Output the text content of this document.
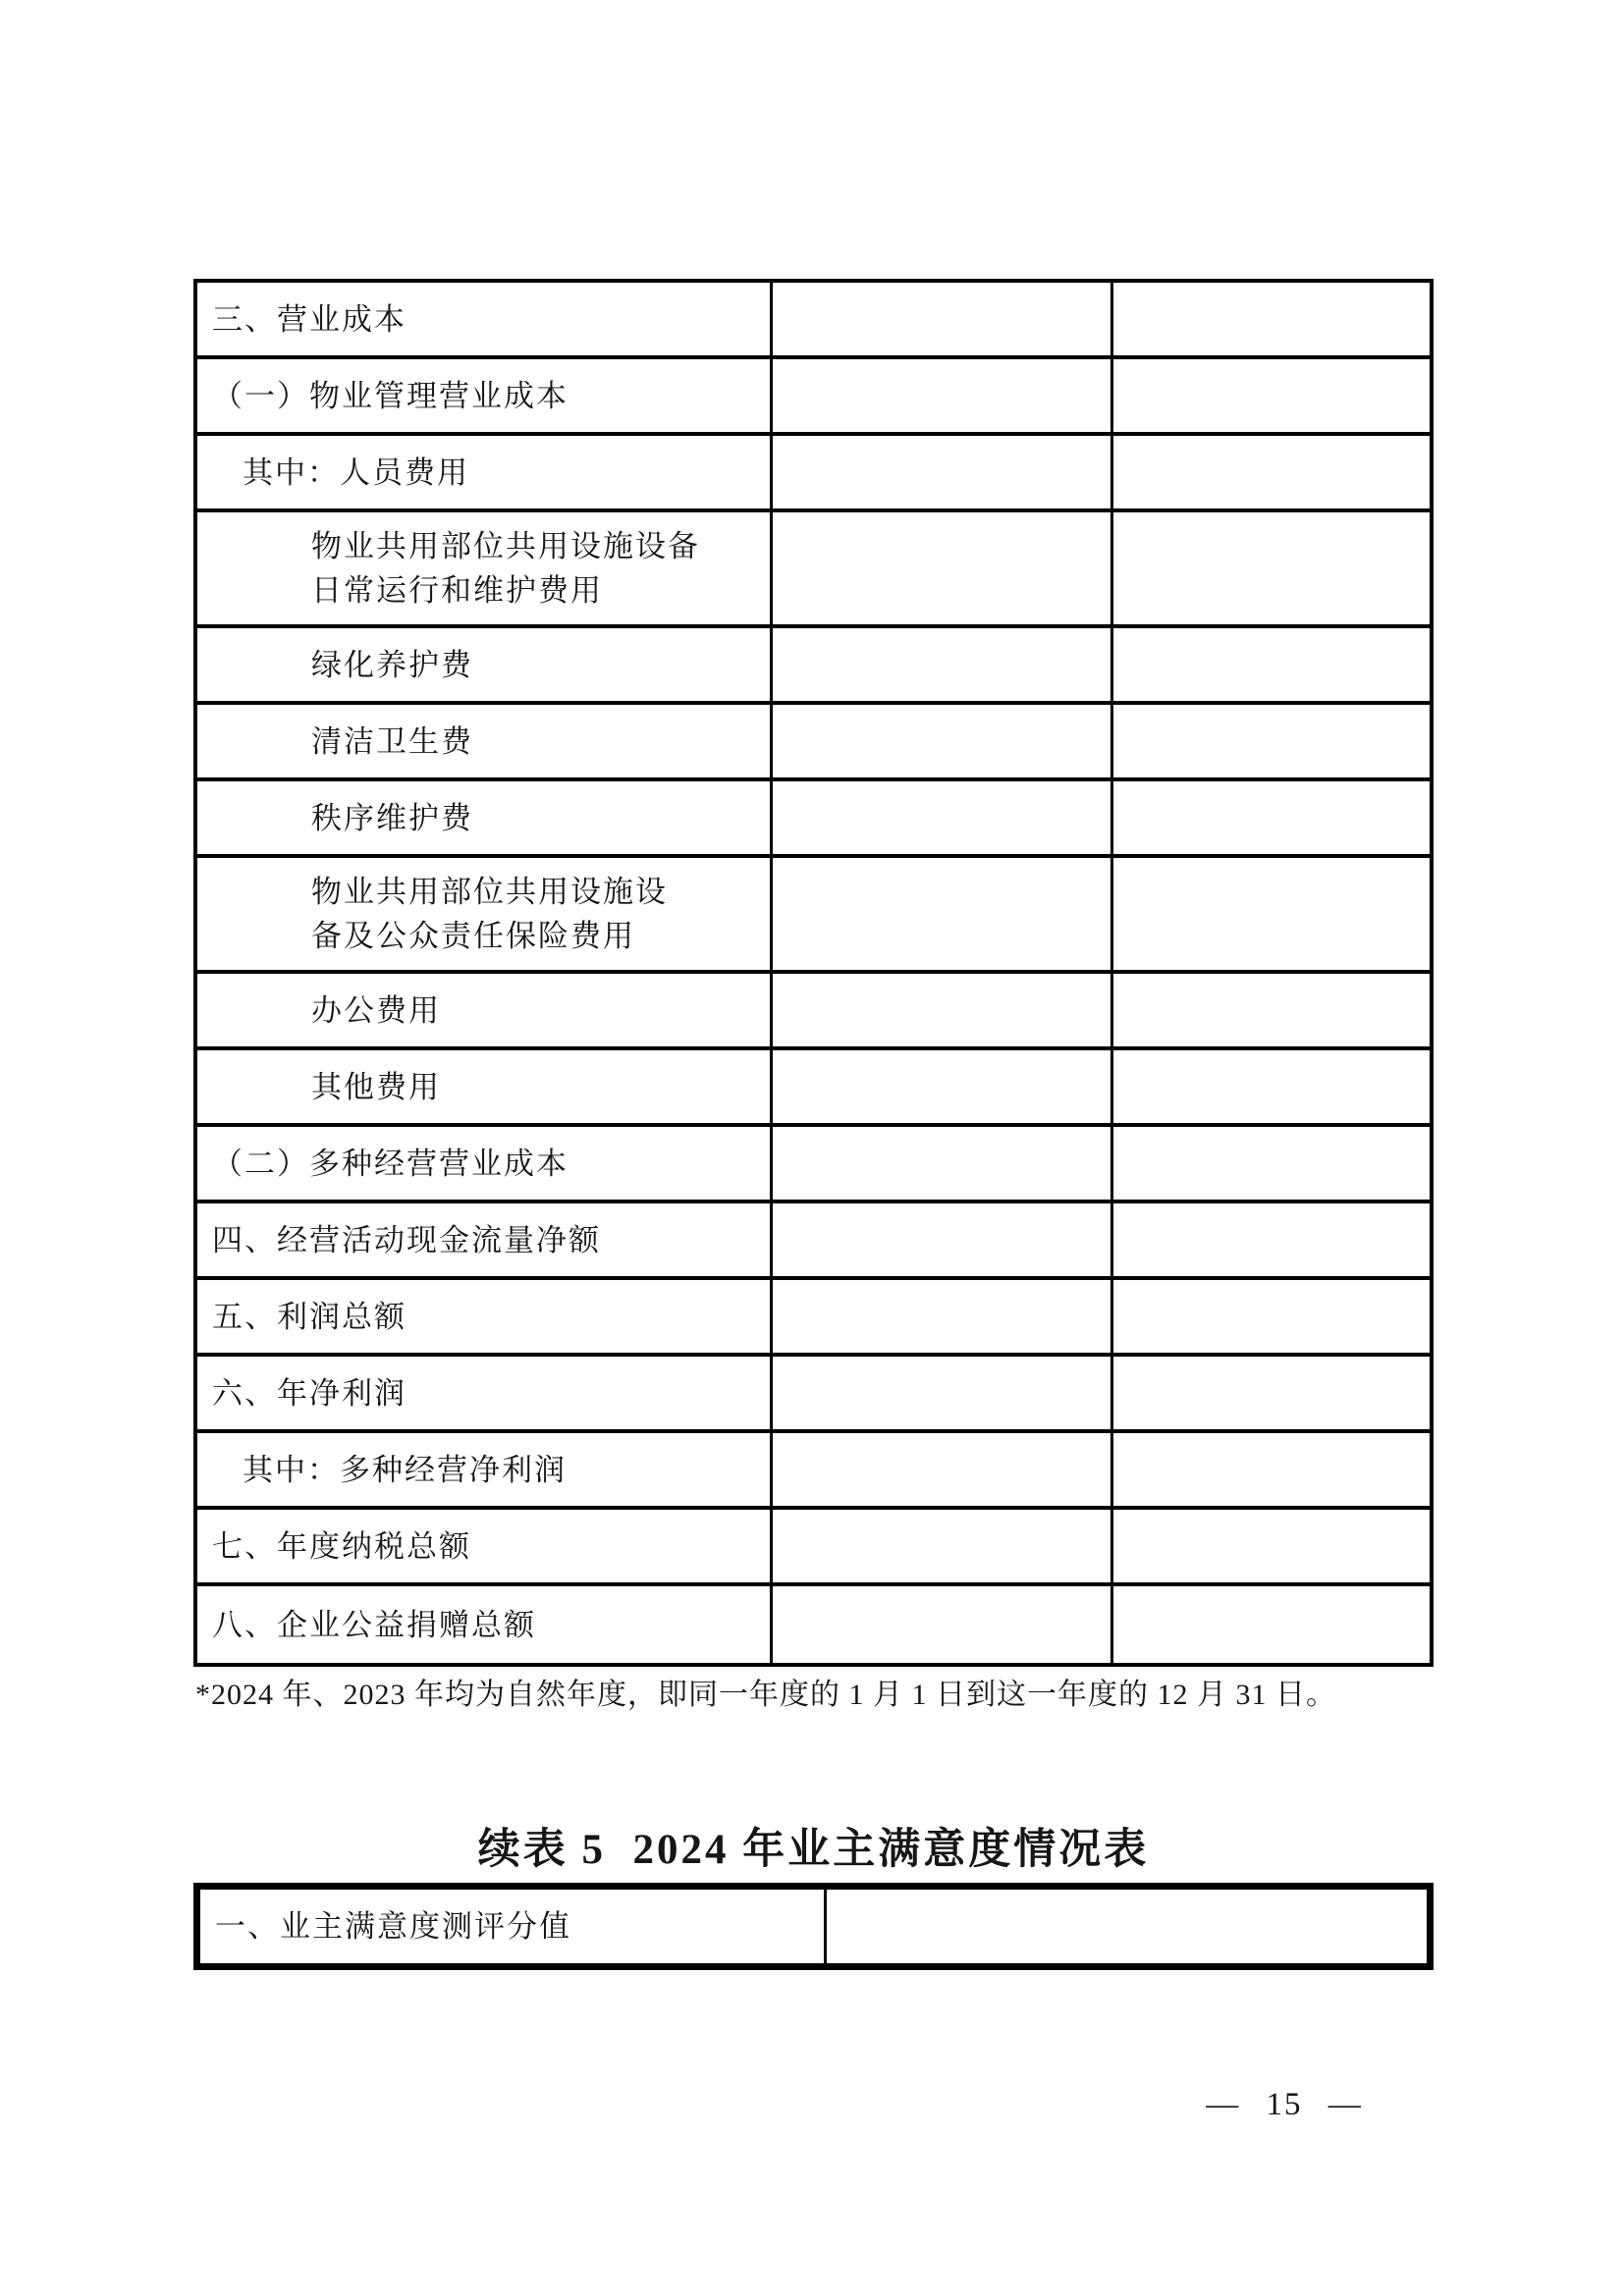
三、营业成本
（一）物业管理营业成本
其中：人员费用
物业共用部位共用设施设备
日常运行和维护费用
绿化养护费
清洁卫生费
秩序维护费
物业共用部位共用设施设
备及公众责任保险费用
办公费用
其他费用
（二）多种经营营业成本
四、经营活动现金流量净额
五、利润总额
六、年净利润
其中：多种经营净利润
七、年度纳税总额
八、企业公益捐赠总额
*2024 年、2023 年均为自然年度，即同一年度的 1 月 1 日到这一年度的 12 月 31 日。
续表 5  2024 年业主满意度情况表
一、业主满意度测评分值
— 15 —
